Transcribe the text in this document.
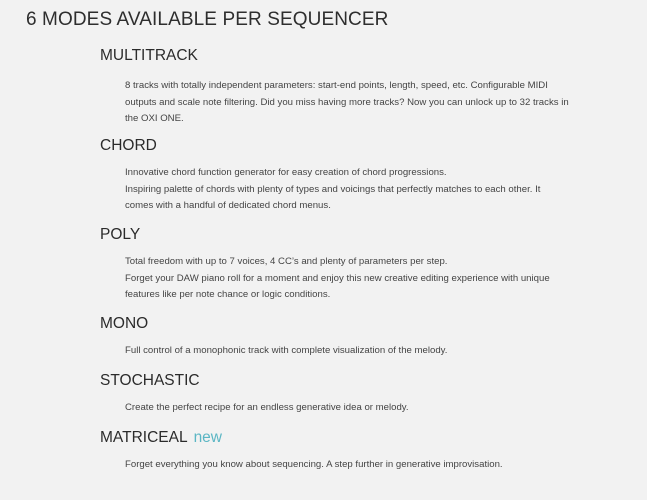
6 MODES AVAILABLE PER SEQUENCER
MULTITRACK

8 tracks with totally independent parameters: start-end points, length, speed, etc. Configurable MIDI outputs and scale note filtering. Did you miss having more tracks? Now you can unlock up to 32 tracks in the OXI ONE.

CHORD

Innovative chord function generator for easy creation of chord progressions.
Inspiring palette of chords with plenty of types and voicings that perfectly matches to each other. It comes with a handful of dedicated chord menus.

POLY

Total freedom with up to 7 voices, 4 CC’s and plenty of parameters per step.
Forget your DAW piano roll for a moment and enjoy this new creative editing experience with unique features like per note chance or logic conditions.

MONO

Full control of a monophonic track with complete visualization of the melody.

STOCHASTIC

Create the perfect recipe for an endless generative idea or melody.

MATRICEAL new

Forget everything you know about sequencing. A step further in generative improvisation.
